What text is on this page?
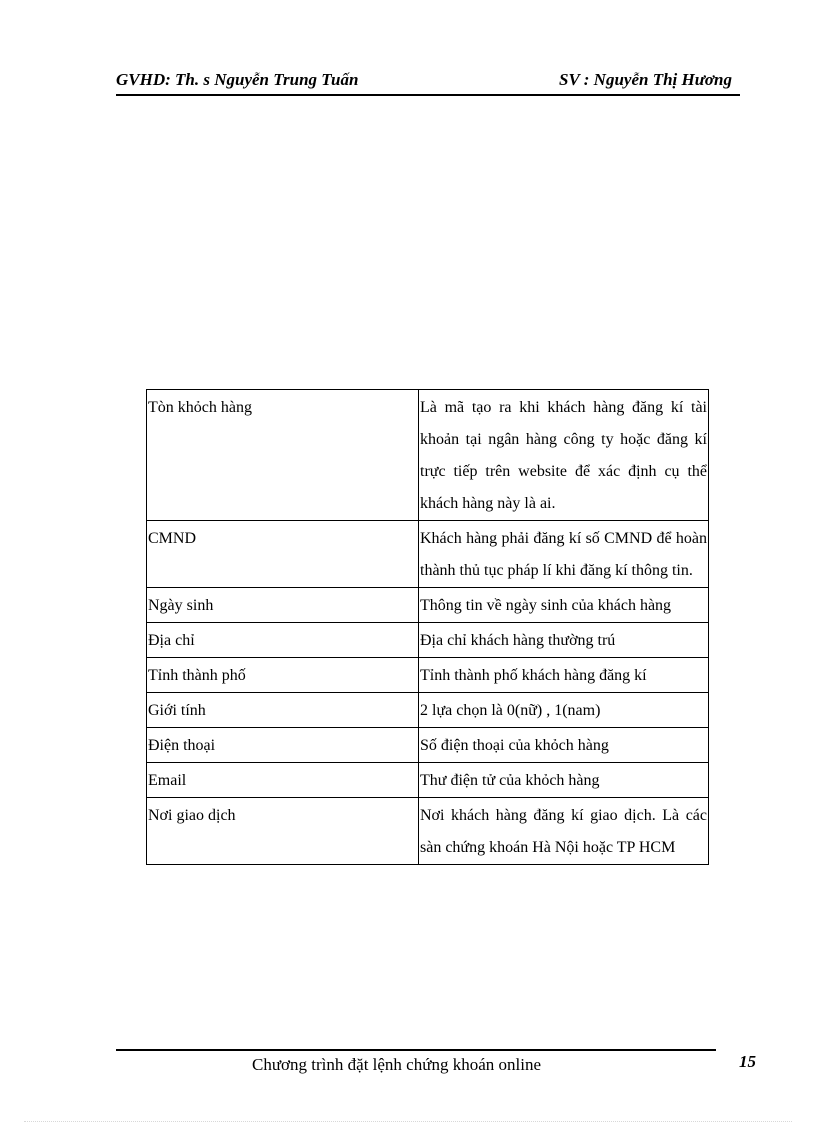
GVHD: Th. s Nguyễn Trung Tuấn	SV : Nguyễn Thị Hương
Tòn khỏch hàng	Là mã tạo ra khi khách hàng đăng kí tài khoản tại ngân hàng công ty hoặc đăng kí trực tiếp trên website để xác định cụ thể khách hàng này là ai.
CMND	Khách hàng phải đăng kí số CMND để hoàn thành thủ tục pháp lí khi đăng kí thông tin.
Ngày sinh	Thông tin về ngày sinh của khách hàng
Địa chỉ	Địa chỉ khách hàng thường trú
Tỉnh thành phố	Tỉnh thành phố khách hàng đăng kí
Giới tính	2 lựa chọn là 0(nữ) , 1(nam)
Điện thoại	Số điện thoại của khỏch hàng
Email	Thư điện tử của khỏch hàng
Nơi giao dịch	Nơi khách hàng đăng kí giao dịch. Là các sàn chứng khoán Hà Nội hoặc TP HCM
Chương trình đặt lệnh chứng khoán online	15
